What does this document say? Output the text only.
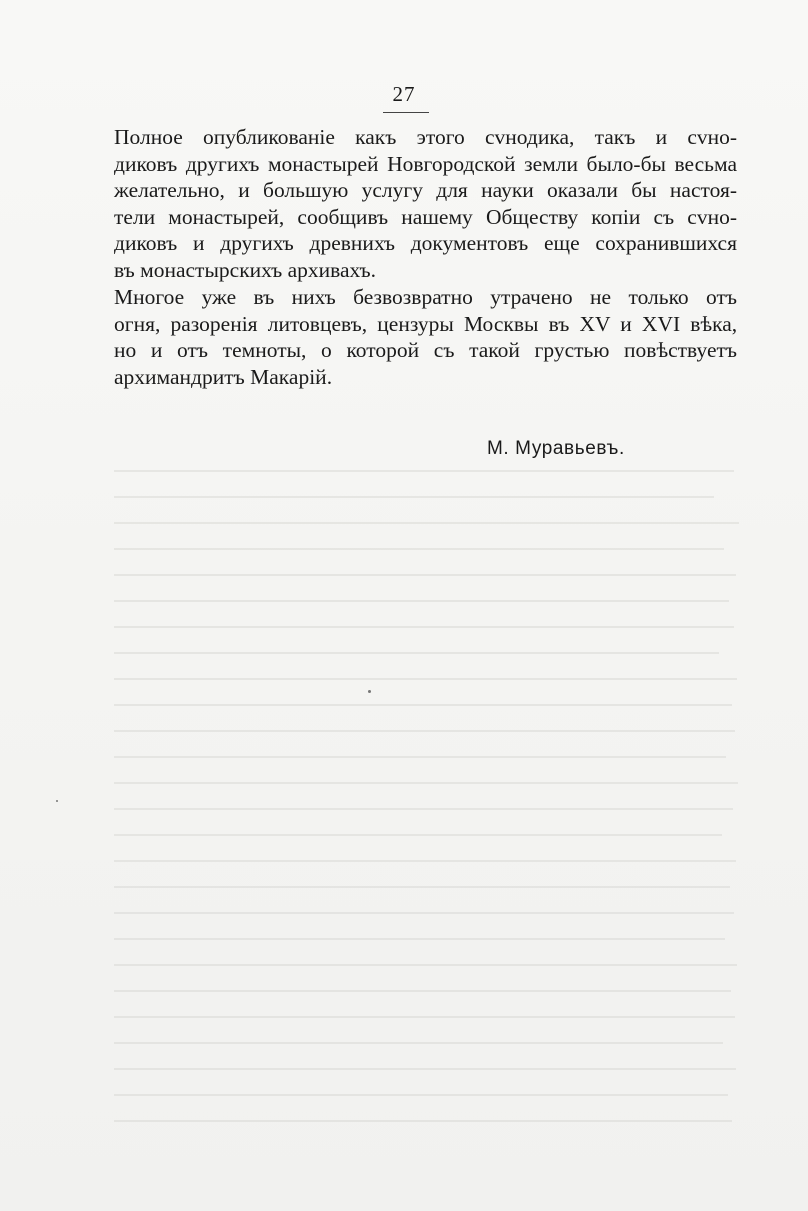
27
Полное опубликованіе какъ этого сvнодика, такъ и сvно-
диковъ другихъ монастырей Новгородской земли было-бы весьма
желательно, и большую услугу для науки оказали бы настоя-
тели монастырей, сообщивъ нашему Обществу копіи съ сvно-
диковъ и другихъ древнихъ документовъ еще сохранившихся
въ монастырскихъ архивахъ.
Многое уже въ нихъ безвозвратно утрачено не только отъ
огня, разоренія литовцевъ, цензуры Москвы въ XV и XVI вѣка,
но и отъ темноты, о которой съ такой грустью повѣствуетъ
архимандритъ Макарій.
М. Муравьевъ.
